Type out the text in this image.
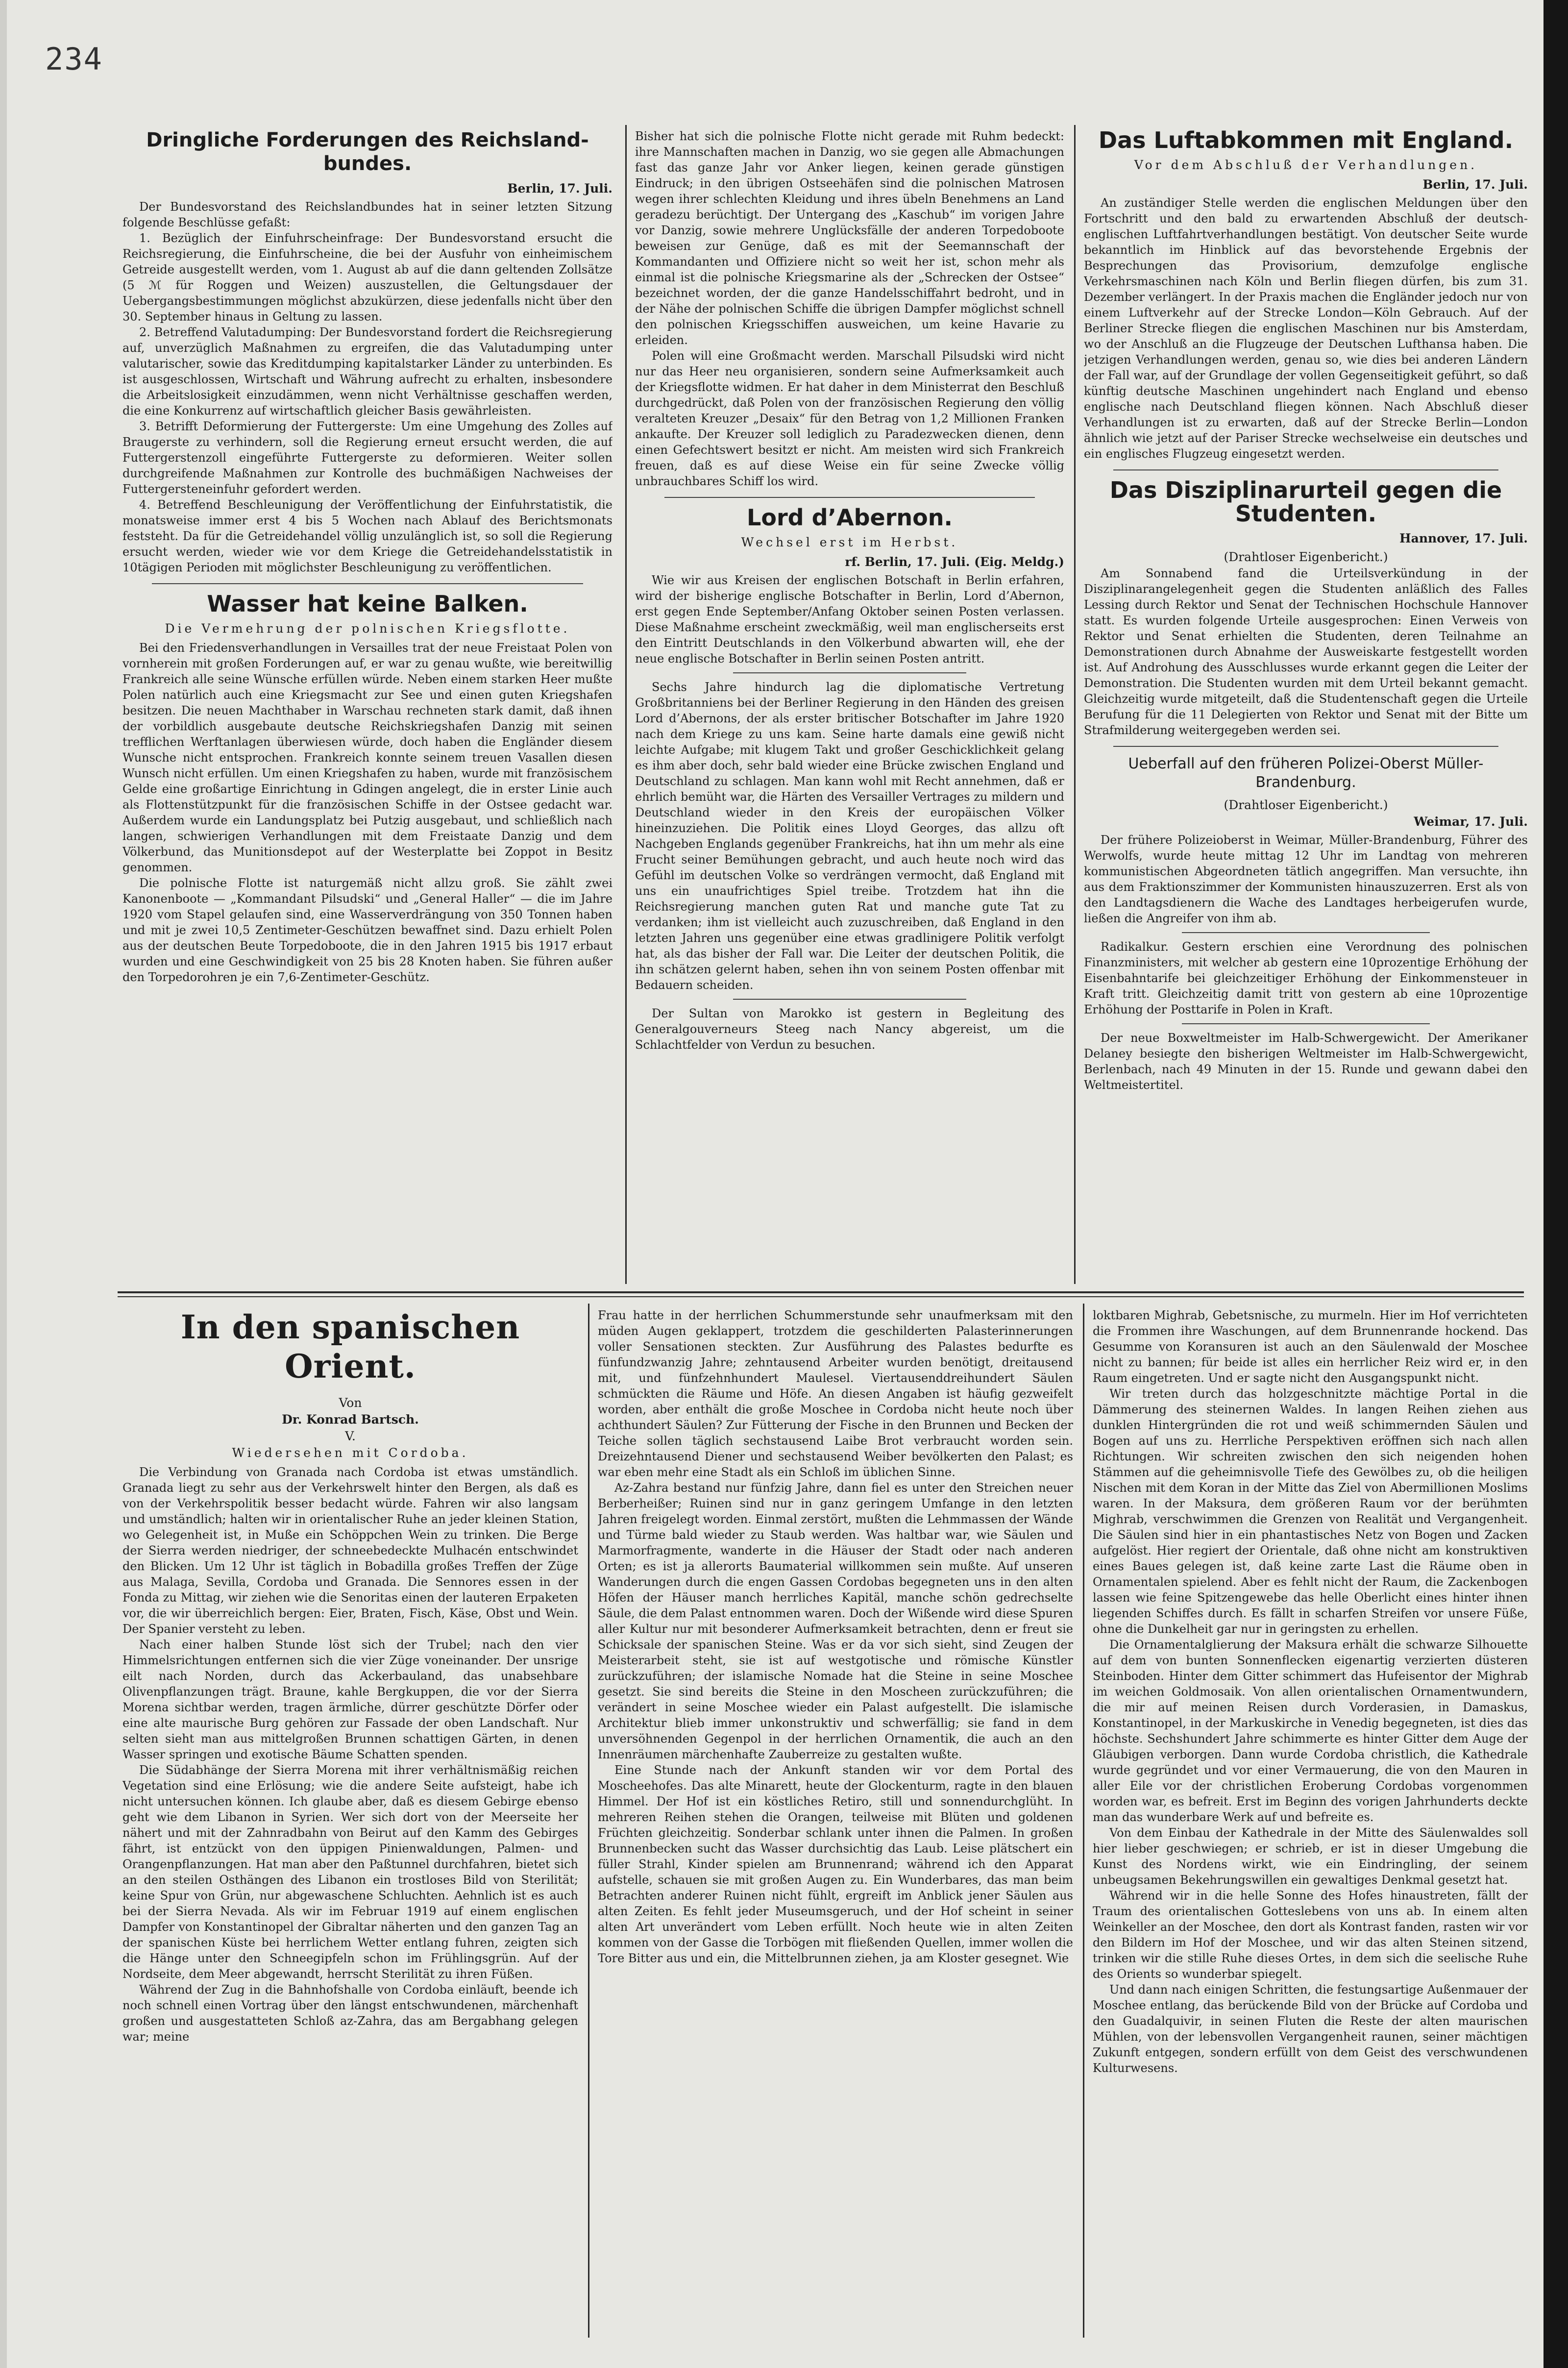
234
Dringliche Forderungen des Reichsland-bundes.
Berlin, 17. Juli.

Der Bundesvorstand des Reichslandbundes hat in seiner letzten Sitzung folgende Beschlüsse gefaßt:

1. Bezüglich der Einfuhrscheinfrage: Der Bundesvorstand ersucht die Reichsregierung, die Einfuhrscheine, die bei der Ausfuhr von einheimischem Getreide ausgestellt werden, vom 1. August ab auf die dann geltenden Zollsätze (5 ℳ für Roggen und Weizen) auszustellen, die Geltungsdauer der Uebergangsbestimmungen möglichst abzukürzen, diese jedenfalls nicht über den 30. September hinaus in Geltung zu lassen.

2. Betreffend Valutadumping: Der Bundesvorstand fordert die Reichsregierung auf, unverzüglich Maßnahmen zu ergreifen, die das Valutadumping unter valutarischer, sowie das Kreditdumping kapitalstarker Länder zu unterbinden. Es ist ausgeschlossen, Wirtschaft und Währung aufrecht zu erhalten, insbesondere die Arbeitslosigkeit einzudämmen, wenn nicht Verhältnisse geschaffen werden, die eine Konkurrenz auf wirtschaftlich gleicher Basis gewährleisten.

3. Betrifft Deformierung der Futtergerste: Um eine Umgehung des Zolles auf Braugerste zu verhindern, soll die Regierung erneut ersucht werden, die auf Futtergerstenzoll eingeführte Futtergerste zu deformieren. Weiter sollen durchgreifende Maßnahmen zur Kontrolle des buchmäßigen Nachweises der Futtergersteneinfuhr gefordert werden.

4. Betreffend Beschleunigung der Veröffentlichung der Einfuhrstatistik, die monatsweise immer erst 4 bis 5 Wochen nach Ablauf des Berichtsmonats feststeht. Da für die Getreidehandel völlig unzulänglich ist, so soll die Regierung ersucht werden, wieder wie vor dem Kriege die Getreidehandelsstatistik in 10tägigen Perioden mit möglichster Beschleunigung zu veröffentlichen.

Wasser hat keine Balken.
Die Vermehrung der polnischen Kriegsflotte.

Bei den Friedensverhandlungen in Versailles trat der neue Freistaat Polen von vornherein mit großen Forderungen auf, er war zu genau wußte, wie bereitwillig Frankreich alle seine Wünsche erfüllen würde. Neben einem starken Heer mußte Polen natürlich auch eine Kriegsmacht zur See und einen guten Kriegshafen besitzen. Die neuen Machthaber in Warschau rechneten stark damit, daß ihnen der vorbildlich ausgebaute deutsche Reichskriegshafen Danzig mit seinen trefflichen Werftanlagen überwiesen würde, doch haben die Engländer diesem Wunsche nicht entsprochen. Frankreich konnte seinem treuen Vasallen diesen Wunsch nicht erfüllen. Um einen Kriegshafen zu haben, wurde mit französischem Gelde eine großartige Einrichtung in Gdingen angelegt, die in erster Linie auch als Flottenstützpunkt für die französischen Schiffe in der Ostsee gedacht war. Außerdem wurde ein Landungsplatz bei Putzig ausgebaut, und schließlich nach langen, schwierigen Verhandlungen mit dem Freistaate Danzig und dem Völkerbund, das Munitionsdepot auf der Westerplatte bei Zoppot in Besitz genommen.

Die polnische Flotte ist naturgemäß nicht allzu groß. Sie zählt zwei Kanonenboote — „Kommandant Pilsudski“ und „General Haller“ — die im Jahre 1920 vom Stapel gelaufen sind, eine Wasserverdrängung von 350 Tonnen haben und mit je zwei 10,5 Zentimeter-Geschützen bewaffnet sind. Dazu erhielt Polen aus der deutschen Beute Torpedoboote, die in den Jahren 1915 bis 1917 erbaut wurden und eine Geschwindigkeit von 25 bis 28 Knoten haben. Sie führen außer den Torpedorohren je ein 7,6-Zentimeter-Geschütz.

Bisher hat sich die polnische Flotte nicht gerade mit Ruhm bedeckt: ihre Mannschaften machen in Danzig, wo sie gegen alle Abmachungen fast das ganze Jahr vor Anker liegen, keinen gerade günstigen Eindruck; in den übrigen Ostseehäfen sind die polnischen Matrosen wegen ihrer schlechten Kleidung und ihres übeln Benehmens an Land geradezu berüchtigt. Der Untergang des „Kaschub“ im vorigen Jahre vor Danzig, sowie mehrere Unglücksfälle der anderen Torpedoboote beweisen zur Genüge, daß es mit der Seemannschaft der Kommandanten und Offiziere nicht so weit her ist, schon mehr als einmal ist die polnische Kriegsmarine als der „Schrecken der Ostsee“ bezeichnet worden, der die ganze Handelsschiffahrt bedroht, und in der Nähe der polnischen Schiffe die übrigen Dampfer möglichst schnell den polnischen Kriegsschiffen ausweichen, um keine Havarie zu erleiden.

Polen will eine Großmacht werden. Marschall Pilsudski wird nicht nur das Heer neu organisieren, sondern seine Aufmerksamkeit auch der Kriegsflotte widmen. Er hat daher in dem Ministerrat den Beschluß durchgedrückt, daß Polen von der französischen Regierung den völlig veralteten Kreuzer „Desaix“ für den Betrag von 1,2 Millionen Franken ankaufte. Der Kreuzer soll lediglich zu Paradezwecken dienen, denn einen Gefechtswert besitzt er nicht. Am meisten wird sich Frankreich freuen, daß es auf diese Weise ein für seine Zwecke völlig unbrauchbares Schiff los wird.

Lord d’Abernon.
Wechsel erst im Herbst.
rf. Berlin, 17. Juli. (Eig. Meldg.)

Wie wir aus Kreisen der englischen Botschaft in Berlin erfahren, wird der bisherige englische Botschafter in Berlin, Lord d’Abernon, erst gegen Ende September/Anfang Oktober seinen Posten verlassen. Diese Maßnahme erscheint zweckmäßig, weil man englischerseits erst den Eintritt Deutschlands in den Völkerbund abwarten will, ehe der neue englische Botschafter in Berlin seinen Posten antritt.

Sechs Jahre hindurch lag die diplomatische Vertretung Großbritanniens bei der Berliner Regierung in den Händen des greisen Lord d’Abernons, der als erster britischer Botschafter im Jahre 1920 nach dem Kriege zu uns kam. Seine harte damals eine gewiß nicht leichte Aufgabe; mit klugem Takt und großer Geschicklichkeit gelang es ihm aber doch, sehr bald wieder eine Brücke zwischen England und Deutschland zu schlagen. Man kann wohl mit Recht annehmen, daß er ehrlich bemüht war, die Härten des Versailler Vertrages zu mildern und Deutschland wieder in den Kreis der europäischen Völker hineinzuziehen. Die Politik eines Lloyd Georges, das allzu oft Nachgeben Englands gegenüber Frankreichs, hat ihn um mehr als eine Frucht seiner Bemühungen gebracht, und auch heute noch wird das Gefühl im deutschen Volke so verdrängen vermocht, daß England mit uns ein unaufrichtiges Spiel treibe. Trotzdem hat ihn die Reichsregierung manchen guten Rat und manche gute Tat zu verdanken; ihm ist vielleicht auch zuzuschreiben, daß England in den letzten Jahren uns gegenüber eine etwas gradlinigere Politik verfolgt hat, als das bisher der Fall war. Die Leiter der deutschen Politik, die ihn schätzen gelernt haben, sehen ihn von seinem Posten offenbar mit Bedauern scheiden.

Der Sultan von Marokko ist gestern in Begleitung des Generalgouverneurs Steeg nach Nancy abgereist, um die Schlachtfelder von Verdun zu besuchen.

Das Luftabkommen mit England.
Vor dem Abschluß der Verhandlungen.
Berlin, 17. Juli.

An zuständiger Stelle werden die englischen Meldungen über den Fortschritt und den bald zu erwartenden Abschluß der deutsch-englischen Luftfahrtverhandlungen bestätigt. Von deutscher Seite wurde bekanntlich im Hinblick auf das bevorstehende Ergebnis der Besprechungen das Provisorium, demzufolge englische Verkehrsmaschinen nach Köln und Berlin fliegen dürfen, bis zum 31. Dezember verlängert. In der Praxis machen die Engländer jedoch nur von einem Luftverkehr auf der Strecke London—Köln Gebrauch. Auf der Berliner Strecke fliegen die englischen Maschinen nur bis Amsterdam, wo der Anschluß an die Flugzeuge der Deutschen Lufthansa haben. Die jetzigen Verhandlungen werden, genau so, wie dies bei anderen Ländern der Fall war, auf der Grundlage der vollen Gegenseitigkeit geführt, so daß künftig deutsche Maschinen ungehindert nach England und ebenso englische nach Deutschland fliegen können. Nach Abschluß dieser Verhandlungen ist zu erwarten, daß auf der Strecke Berlin—London ähnlich wie jetzt auf der Pariser Strecke wechselweise ein deutsches und ein englisches Flugzeug eingesetzt werden.

Das Disziplinarurteil gegen die Studenten.
Hannover, 17. Juli.
(Drahtloser Eigenbericht.)

Am Sonnabend fand die Urteilsverkündung in der Disziplinarangelegenheit gegen die Studenten anläßlich des Falles Lessing durch Rektor und Senat der Technischen Hochschule Hannover statt. Es wurden folgende Urteile ausgesprochen: Einen Verweis von Rektor und Senat erhielten die Studenten, deren Teilnahme an Demonstrationen durch Abnahme der Ausweiskarte festgestellt worden ist. Auf Androhung des Ausschlusses wurde erkannt gegen die Leiter der Demonstration. Die Studenten wurden mit dem Urteil bekannt gemacht. Gleichzeitig wurde mitgeteilt, daß die Studentenschaft gegen die Urteile Berufung für die 11 Delegierten von Rektor und Senat mit der Bitte um Strafmilderung weitergegeben werden sei.

Ueberfall auf den früheren Polizei-Oberst Müller-Brandenburg.
(Drahtloser Eigenbericht.)
Weimar, 17. Juli.

Der frühere Polizeioberst in Weimar, Müller-Brandenburg, Führer des Werwolfs, wurde heute mittag 12 Uhr im Landtag von mehreren kommunistischen Abgeordneten tätlich angegriffen. Man versuchte, ihn aus dem Fraktionszimmer der Kommunisten hinauszuzerren. Erst als von den Landtagsdienern die Wache des Landtages herbeigerufen wurde, ließen die Angreifer von ihm ab.

Radikalkur. Gestern erschien eine Verordnung des polnischen Finanzministers, mit welcher ab gestern eine 10prozentige Erhöhung der Eisenbahntarife bei gleichzeitiger Erhöhung der Einkommensteuer in Kraft tritt. Gleichzeitig damit tritt von gestern ab eine 10prozentige Erhöhung der Posttarife in Polen in Kraft.

Der neue Boxweltmeister im Halb-Schwergewicht. Der Amerikaner Delaney besiegte den bisherigen Weltmeister im Halb-Schwergewicht, Berlenbach, nach 49 Minuten in der 15. Runde und gewann dabei den Weltmeistertitel.

In den spanischen Orient.
Von
Dr. Konrad Bartsch.
V.
Wiedersehen mit Cordoba.

Die Verbindung von Granada nach Cordoba ist etwas umständlich. Granada liegt zu sehr aus der Verkehrswelt hinter den Bergen, als daß es von der Verkehrspolitik besser bedacht würde. Fahren wir also langsam und umständlich; halten wir in orientalischer Ruhe an jeder kleinen Station, wo Gelegenheit ist, in Muße ein Schöppchen Wein zu trinken. Die Berge der Sierra werden niedriger, der schneebedeckte Mulhacén entschwindet den Blicken. Um 12 Uhr ist täglich in Bobadilla großes Treffen der Züge aus Malaga, Sevilla, Cordoba und Granada. Die Sennores essen in der Fonda zu Mittag, wir ziehen wie die Senoritas einen der lauteren Erpaketen vor, die wir überreichlich bergen: Eier, Braten, Fisch, Käse, Obst und Wein. Der Spanier versteht zu leben.

Nach einer halben Stunde löst sich der Trubel; nach den vier Himmelsrichtungen entfernen sich die vier Züge voneinander. Der unsrige eilt nach Norden, durch das Ackerbauland, das unabsehbare Olivenpflanzungen trägt. Braune, kahle Bergkuppen, die vor der Sierra Morena sichtbar werden, tragen ärmliche, dürrer geschützte Dörfer oder eine alte maurische Burg gehören zur Fassade der oben Landschaft. Nur selten sieht man aus mittelgroßen Brunnen schattigen Gärten, in denen Wasser springen und exotische Bäume Schatten spenden.

Die Südabhänge der Sierra Morena mit ihrer verhältnismäßig reichen Vegetation sind eine Erlösung; wie die andere Seite aufsteigt, habe ich nicht untersuchen können. Ich glaube aber, daß es diesem Gebirge ebenso geht wie dem Libanon in Syrien. Wer sich dort von der Meerseite her nähert und mit der Zahnradbahn von Beirut auf den Kamm des Gebirges fährt, ist entzückt von den üppigen Pinienwaldungen, Palmen- und Orangenpflanzungen. Hat man aber den Paßtunnel durchfahren, bietet sich an den steilen Osthängen des Libanon ein trostloses Bild von Sterilität; keine Spur von Grün, nur abgewaschene Schluchten. Aehnlich ist es auch bei der Sierra Nevada. Als wir im Februar 1919 auf einem englischen Dampfer von Konstantinopel der Gibraltar näherten und den ganzen Tag an der spanischen Küste bei herrlichem Wetter entlang fuhren, zeigten sich die Hänge unter den Schneegipfeln schon im Frühlingsgrün. Auf der Nordseite, dem Meer abgewandt, herrscht Sterilität zu ihren Füßen.

Während der Zug in die Bahnhofshalle von Cordoba einläuft, beende ich noch schnell einen Vortrag über den längst entschwundenen, märchenhaft großen und ausgestatteten Schloß az-Zahra, das am Bergabhang gelegen war; meine

Frau hatte in der herrlichen Schummerstunde sehr unaufmerksam mit den müden Augen geklappert, trotzdem die geschilderten Palasterinnerungen voller Sensationen steckten. Zur Ausführung des Palastes bedurfte es fünfundzwanzig Jahre; zehntausend Arbeiter wurden benötigt, dreitausend mit, und fünfzehnhundert Maulesel. Viertausenddreihundert Säulen schmückten die Räume und Höfe. An diesen Angaben ist häufig gezweifelt worden, aber enthält die große Moschee in Cordoba nicht heute noch über achthundert Säulen? Zur Fütterung der Fische in den Brunnen und Becken der Teiche sollen täglich sechstausend Laibe Brot verbraucht worden sein. Dreizehntausend Diener und sechstausend Weiber bevölkerten den Palast; es war eben mehr eine Stadt als ein Schloß im üblichen Sinne.

Az-Zahra bestand nur fünfzig Jahre, dann fiel es unter den Streichen neuer Berberheißer; Ruinen sind nur in ganz geringem Umfange in den letzten Jahren freigelegt worden. Einmal zerstört, mußten die Lehmmassen der Wände und Türme bald wieder zu Staub werden. Was haltbar war, wie Säulen und Marmorfragmente, wanderte in die Häuser der Stadt oder nach anderen Orten; es ist ja allerorts Baumaterial willkommen sein mußte. Auf unseren Wanderungen durch die engen Gassen Cordobas begegneten uns in den alten Höfen der Häuser manch herrliches Kapitäl, manche schön gedrechselte Säule, die dem Palast entnommen waren. Doch der Wißende wird diese Spuren aller Kultur nur mit besonderer Aufmerksamkeit betrachten, denn er freut sie Schicksale der spanischen Steine. Was er da vor sich sieht, sind Zeugen der Meisterarbeit steht, sie ist auf westgotische und römische Künstler zurückzuführen; der islamische Nomade hat die Steine in seine Moschee gesetzt. Sie sind bereits die Steine in den Moscheen zurückzuführen; die verändert in seine Moschee wieder ein Palast aufgestellt. Die islamische Architektur blieb immer unkonstruktiv und schwerfällig; sie fand in dem unversöhnenden Gegenpol in der herrlichen Ornamentik, die auch an den Innenräumen märchenhafte Zauberreize zu gestalten wußte.

Eine Stunde nach der Ankunft standen wir vor dem Portal des Moscheehofes. Das alte Minarett, heute der Glockenturm, ragte in den blauen Himmel. Der Hof ist ein köstliches Retiro, still und sonnendurchglüht. In mehreren Reihen stehen die Orangen, teilweise mit Blüten und goldenen Früchten gleichzeitig. Sonderbar schlank unter ihnen die Palmen. In großen Brunnenbecken sucht das Wasser durchsichtig das Laub. Leise plätschert ein füller Strahl, Kinder spielen am Brunnenrand; während ich den Apparat aufstelle, schauen sie mit großen Augen zu. Ein Wunderbares, das man beim Betrachten anderer Ruinen nicht fühlt, ergreift im Anblick jener Säulen aus alten Zeiten. Es fehlt jeder Museumsgeruch, und der Hof scheint in seiner alten Art unverändert vom Leben erfüllt. Noch heute wie in alten Zeiten kommen von der Gasse die Torbögen mit fließenden Quellen, immer wollen die Tore Bitter aus und ein, die Mittelbrunnen ziehen, ja am Kloster gesegnet. Wie

loktbaren Mighrab, Gebetsnische, zu murmeln. Hier im Hof verrichteten die Frommen ihre Waschungen, auf dem Brunnenrande hockend. Das Gesumme von Koransuren ist auch an den Säulenwald der Moschee nicht zu bannen; für beide ist alles ein herrlicher Reiz wird er, in den Raum eingetreten. Und er sagte nicht den Ausgangspunkt nicht.

Wir treten durch das holzgeschnitzte mächtige Portal in die Dämmerung des steinernen Waldes. In langen Reihen ziehen aus dunklen Hintergründen die rot und weiß schimmernden Säulen und Bogen auf uns zu. Herrliche Perspektiven eröffnen sich nach allen Richtungen. Wir schreiten zwischen den sich neigenden hohen Stämmen auf die geheimnisvolle Tiefe des Gewölbes zu, ob die heiligen Nischen mit dem Koran in der Mitte das Ziel von Abermillionen Moslims waren. In der Maksura, dem größeren Raum vor der berühmten Mighrab, verschwimmen die Grenzen von Realität und Vergangenheit. Die Säulen sind hier in ein phantastisches Netz von Bogen und Zacken aufgelöst. Hier regiert der Orientale, daß ohne nicht am konstruktiven eines Baues gelegen ist, daß keine zarte Last die Räume oben in Ornamentalen spielend. Aber es fehlt nicht der Raum, die Zackenbogen lassen wie feine Spitzengewebe das helle Oberlicht eines hinter ihnen liegenden Schiffes durch. Es fällt in scharfen Streifen vor unsere Füße, ohne die Dunkelheit gar nur in geringsten zu erhellen.

Die Ornamentalglierung der Maksura erhält die schwarze Silhouette auf dem von bunten Sonnenflecken eigenartig verzierten düsteren Steinboden. Hinter dem Gitter schimmert das Hufeisentor der Mighrab im weichen Goldmosaik. Von allen orientalischen Ornamentwundern, die mir auf meinen Reisen durch Vorderasien, in Damaskus, Konstantinopel, in der Markuskirche in Venedig begegneten, ist dies das höchste. Sechshundert Jahre schimmerte es hinter Gitter dem Auge der Gläubigen verborgen. Dann wurde Cordoba christlich, die Kathedrale wurde gegründet und vor einer Vermauerung, die von den Mauren in aller Eile vor der christlichen Eroberung Cordobas vorgenommen worden war, es befreit. Erst im Beginn des vorigen Jahrhunderts deckte man das wunderbare Werk auf und befreite es.

Von dem Einbau der Kathedrale in der Mitte des Säulenwaldes soll hier lieber geschwiegen; er schrieb, er ist in dieser Umgebung die Kunst des Nordens wirkt, wie ein Eindringling, der seinem unbeugsamen Bekehrungswillen ein gewaltiges Denkmal gesetzt hat.

Während wir in die helle Sonne des Hofes hinaustreten, fällt der Traum des orientalischen Gotteslebens von uns ab. In einem alten Weinkeller an der Moschee, den dort als Kontrast fanden, rasten wir vor den Bildern im Hof der Moschee, und wir das alten Steinen sitzend, trinken wir die stille Ruhe dieses Ortes, in dem sich die seelische Ruhe des Orients so wunderbar spiegelt.

Und dann nach einigen Schritten, die festungsartige Außenmauer der Moschee entlang, das berückende Bild von der Brücke auf Cordoba und den Guadalquivir, in seinen Fluten die Reste der alten maurischen Mühlen, von der lebensvollen Vergangenheit raunen, seiner mächtigen Zukunft entgegen, sondern erfüllt von dem Geist des verschwundenen Kulturwesens.
